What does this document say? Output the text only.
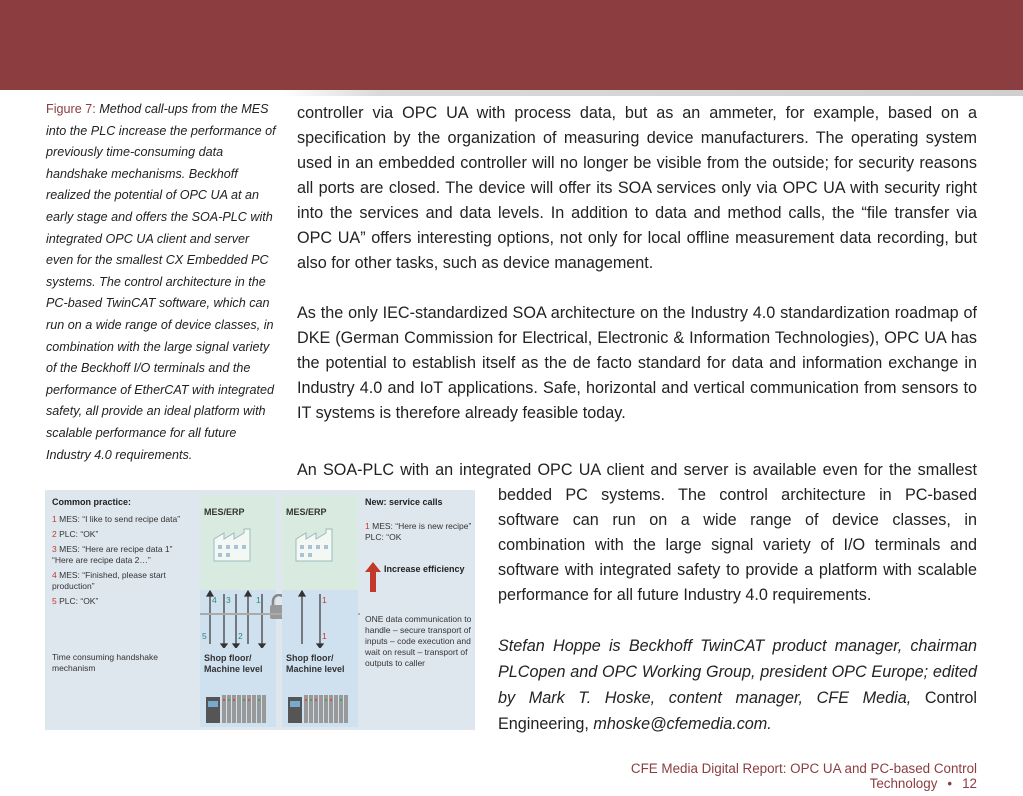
Figure 7: Method call-ups from the MES into the PLC increase the performance of previously time-consuming data handshake mechanisms. Beckhoff realized the potential of OPC UA at an early stage and offers the SOA-PLC with integrated OPC UA client and server even for the smallest CX Embedded PC systems. The control architecture in the PC-based TwinCAT software, which can run on a wide range of device classes, in combination with the large signal variety of the Beckhoff I/O terminals and the performance of EtherCAT with integrated safety, all provide an ideal platform with scalable performance for all future Industry 4.0 requirements.

controller via OPC UA with process data, but as an ammeter, for example, based on a specification by the organization of measuring device manufacturers. The operating system used in an embedded controller will no longer be visible from the outside; for security reasons all ports are closed. The device will offer its SOA services only via OPC UA with security right into the services and data levels. In addition to data and method calls, the “file transfer via OPC UA” offers interesting options, not only for local offline measurement data recording, but also for other tasks, such as device management.

As the only IEC-standardized SOA architecture on the Industry 4.0 standardization roadmap of DKE (German Commission for Electrical, Electronic & Information Technologies), OPC UA has the potential to establish itself as the de facto standard for data and information exchange in Industry 4.0 and IoT applications. Safe, horizontal and vertical communication from sensors to IT systems is therefore already feasible today.

An SOA-PLC with an integrated OPC UA client and server is available even for the smallest
bedded PC systems. The control architecture in PC-based software can run on a wide range of device classes, in combination with the large signal variety of I/O terminals and software with integrated safety to provide a platform with scalable performance for all future Industry 4.0 requirements.
Stefan Hoppe is Beckhoff TwinCAT product manager, chairman PLCopen and OPC Working Group, president OPC Europe; edited by Mark T. Hoske, content manager, CFE Media, Control Engineering, mhoske@cfemedia.com.
Common practice:
1 MES: “I like to send recipe data”
2 PLC: “OK”
3 MES: “Here are recipe data 1” “Here are recipe data 2…”
4 MES: “Finished, please start production”
5 PLC: “OK”
Time consuming handshake mechanism
MES/ERP
4 3	1
5	2
Shop floor/ Machine level
MES/ERP
1
1
Shop floor/ Machine level
New: service calls
1 MES: “Here is new recipe” PLC: “OK
Increase efficiency
ONE data communication to handle – secure transport of inputs – code execution and wait on result – transport of outputs to caller
CFE Media Digital Report: OPC UA and PC-based Control Technology • 12
